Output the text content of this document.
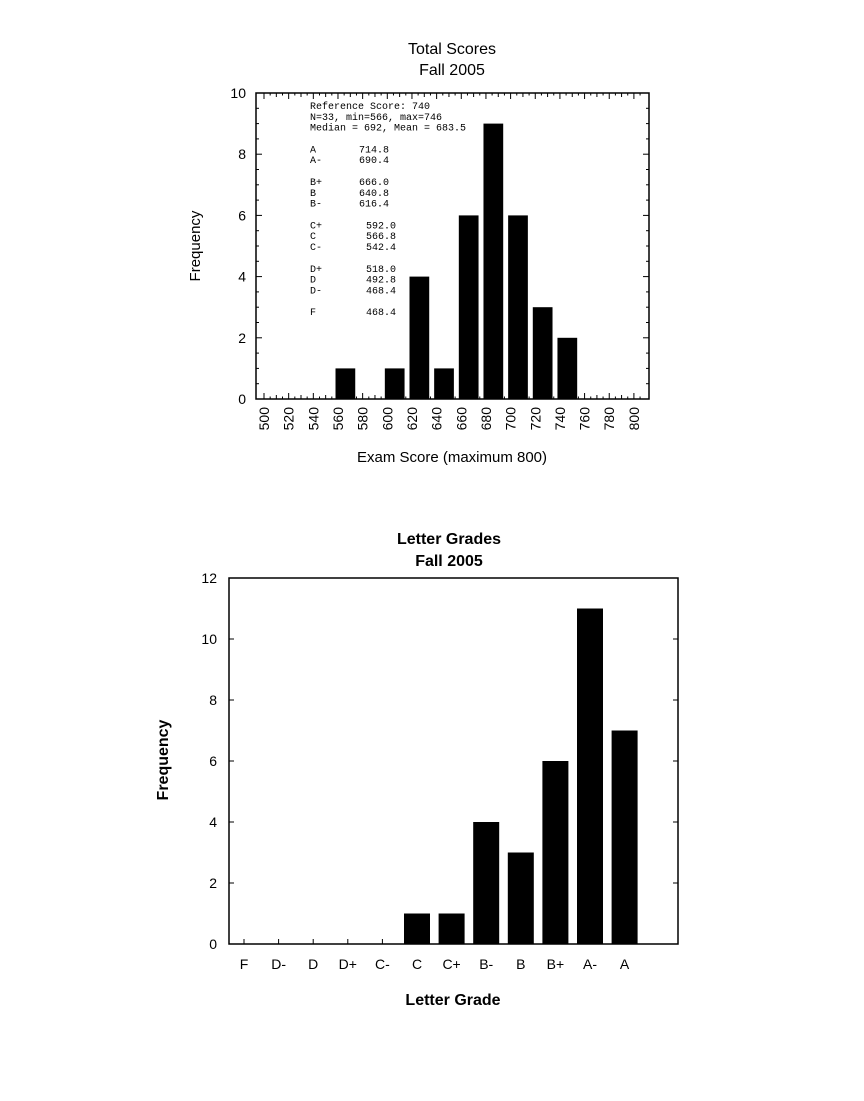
Total Scores
Fall 2005
0
2
4
6
8
10
500 520 540 560 580 600 620 640 660 680 700 720 740 760 780 800
Reference Score: 740
N=33, min=566, max=746
Median = 692, Mean = 683.5
A	714.8
A-	690.4
B+	666.0
B	640.8
B-	616.4
C+	592.0
C	566.8
C-	542.4
D+	518.0
D	492.8
D-	468.4
F	468.4
Exam Score (maximum 800)
Frequency
Letter Grades
Fall 2005
0
2
4
6
8
10
12
F D- D D+ C- C C+ B- B B+ A- A
Letter Grade
Frequency
